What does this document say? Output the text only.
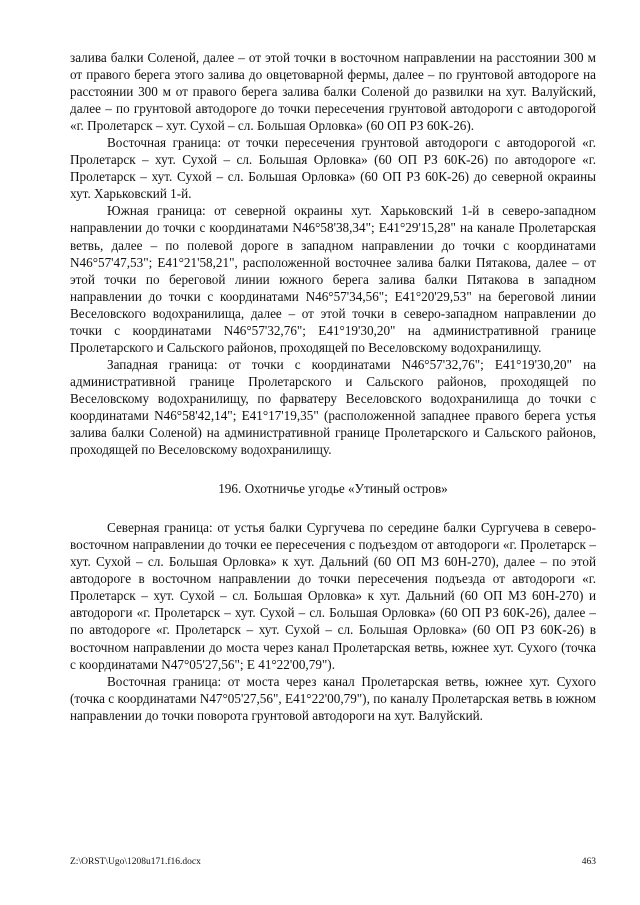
залива балки Соленой, далее – от этой точки в восточном направлении на расстоянии 300 м от правого берега этого залива до овцетоварной фермы, далее – по грунтовой автодороге на расстоянии 300 м от правого берега залива балки Соленой до развилки на хут. Валуйский, далее – по грунтовой автодороге до точки пересечения грунтовой автодороги с автодорогой «г. Пролетарск – хут. Сухой – сл. Большая Орловка» (60 ОП РЗ 60К-26).

Восточная граница: от точки пересечения грунтовой автодороги с автодорогой «г. Пролетарск – хут. Сухой – сл. Большая Орловка» (60 ОП РЗ 60К-26) по автодороге «г. Пролетарск – хут. Сухой – сл. Большая Орловка» (60 ОП РЗ 60К-26) до северной окраины хут. Харьковский 1-й.

Южная граница: от северной окраины хут. Харьковский 1-й в северо-западном направлении до точки с координатами N46°58'38,34"; E41°29'15,28" на канале Пролетарская ветвь, далее – по полевой дороге в западном направлении до точки с координатами N46°57'47,53"; E41°21'58,21", расположенной восточнее залива балки Пятакова, далее – от этой точки по береговой линии южного берега залива балки Пятакова в западном направлении до точки с координатами N46°57'34,56"; E41°20'29,53" на береговой линии Веселовского водохранилища, далее – от этой точки в северо-западном направлении до точки с координатами N46°57'32,76"; E41°19'30,20" на административной границе Пролетарского и Сальского районов, проходящей по Веселовскому водохранилищу.

Западная граница: от точки с координатами N46°57'32,76"; E41°19'30,20" на административной границе Пролетарского и Сальского районов, проходящей по Веселовскому водохранилищу, по фарватеру Веселовского водохранилища до точки с координатами N46°58'42,14"; E41°17'19,35" (расположенной западнее правого берега устья залива балки Соленой) на административной границе Пролетарского и Сальского районов, проходящей по Веселовскому водохранилищу.

196. Охотничье угодье «Утиный остров»

Северная граница: от устья балки Сургучева по середине балки Сургучева в северо-восточном направлении до точки ее пересечения с подъездом от автодороги «г. Пролетарск – хут. Сухой – сл. Большая Орловка» к хут. Дальний (60 ОП МЗ 60Н-270), далее – по этой автодороге в восточном направлении до точки пересечения подъезда от автодороги «г. Пролетарск – хут. Сухой – сл. Большая Орловка» к хут. Дальний (60 ОП МЗ 60Н-270) и автодороги «г. Пролетарск – хут. Сухой – сл. Большая Орловка» (60 ОП РЗ 60К-26), далее – по автодороге «г. Пролетарск – хут. Сухой – сл. Большая Орловка» (60 ОП РЗ 60К-26) в восточном направлении до моста через канал Пролетарская ветвь, южнее хут. Сухого (точка с координатами N47°05'27,56"; E 41°22'00,79").

Восточная граница: от моста через канал Пролетарская ветвь, южнее хут. Сухого (точка с координатами N47°05'27,56", E41°22'00,79"), по каналу Пролетарская ветвь в южном направлении до точки поворота грунтовой автодороги на хут. Валуйский.

Z:\ORST\Ugo\1208u171.f16.docx	463
